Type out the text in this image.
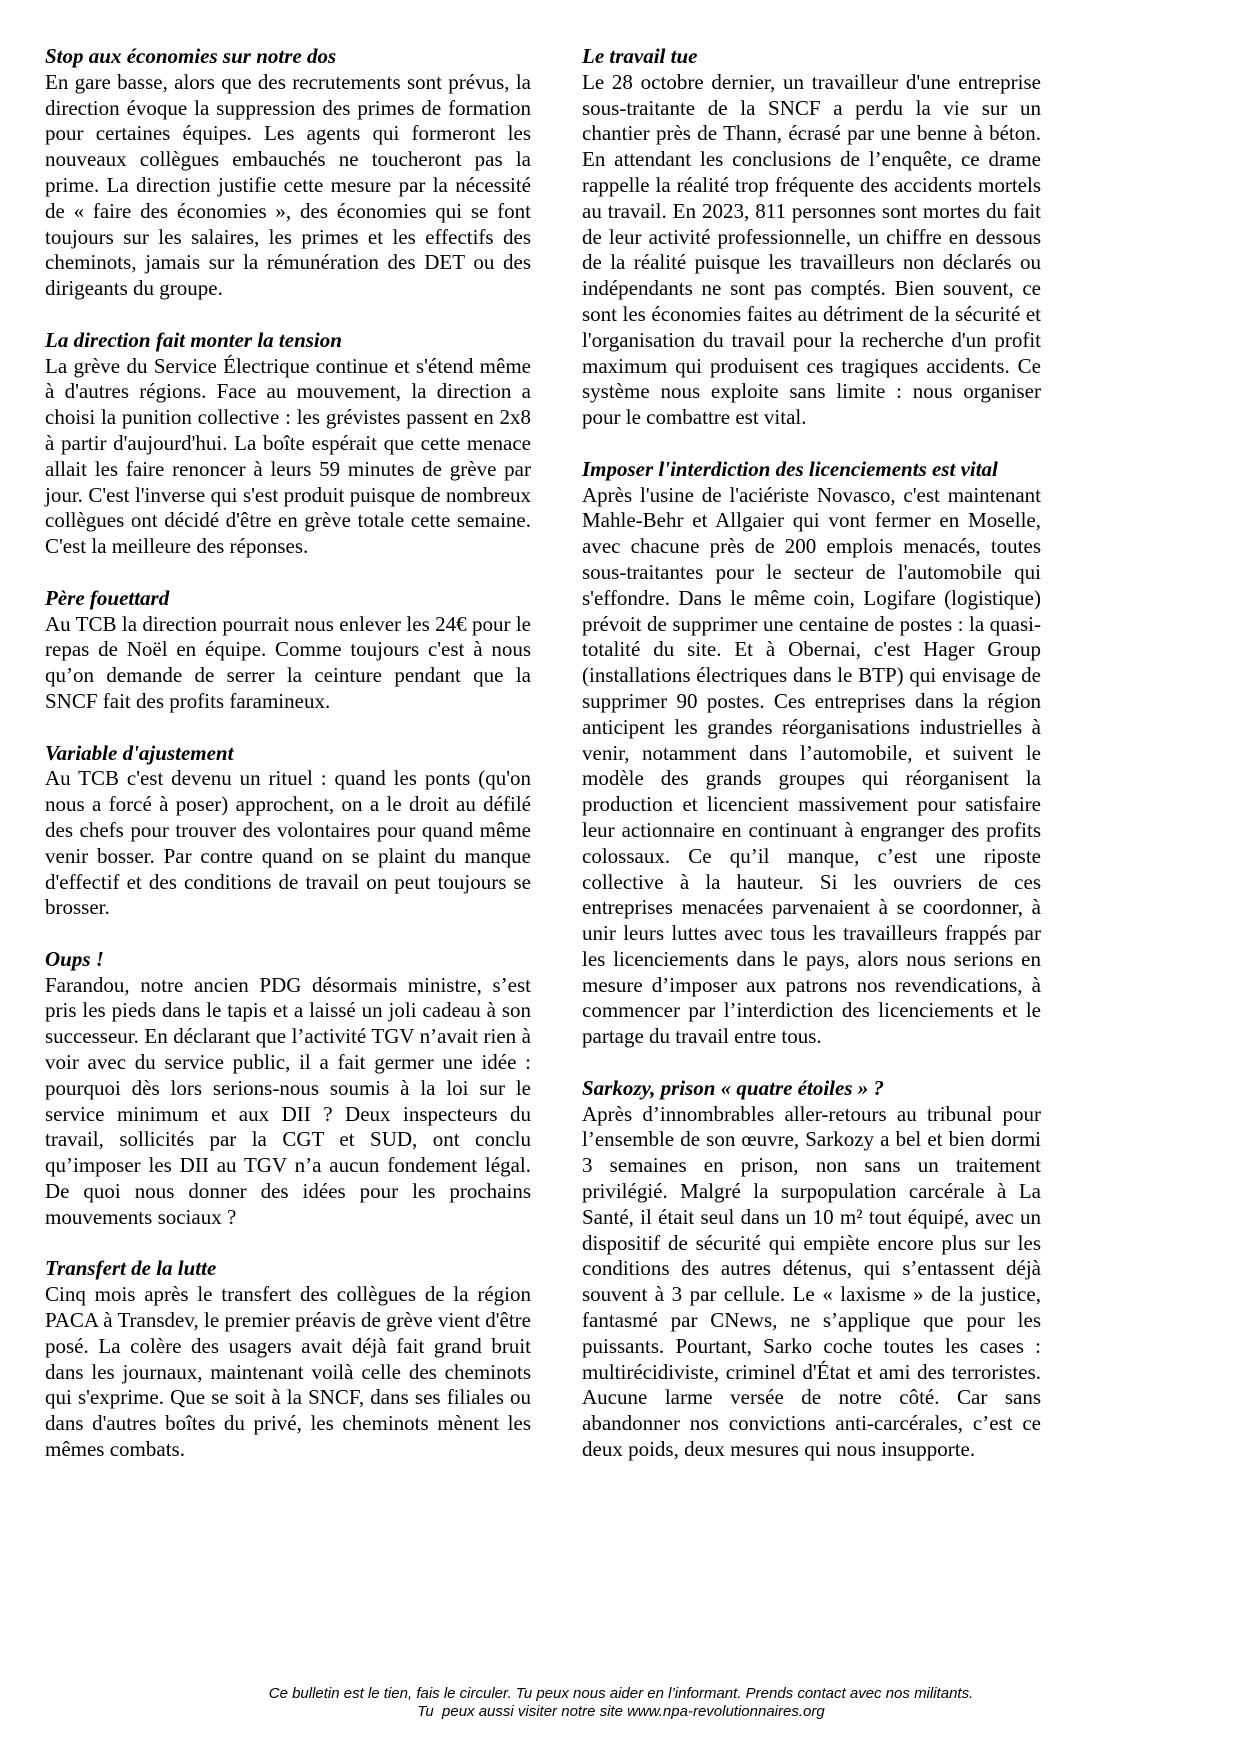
Stop aux économies sur notre dos

En gare basse, alors que des recrutements sont prévus, la direction évoque la suppression des primes de formation pour certaines équipes. Les agents qui formeront les nouveaux collègues embauchés ne toucheront pas la prime. La direction justifie cette mesure par la nécessité de « faire des économies », des économies qui se font toujours sur les salaires, les primes et les effectifs des cheminots, jamais sur la rémunération des DET ou des dirigeants du groupe.

La direction fait monter la tension

La grève du Service Électrique continue et s'étend même à d'autres régions. Face au mouvement, la direction a choisi la punition collective : les grévistes passent en 2x8 à partir d'aujourd'hui. La boîte espérait que cette menace allait les faire renoncer à leurs 59 minutes de grève par jour. C'est l'inverse qui s'est produit puisque de nombreux collègues ont décidé d'être en grève totale cette semaine. C'est la meilleure des réponses.

Père fouettard

Au TCB la direction pourrait nous enlever les 24€ pour le repas de Noël en équipe. Comme toujours c'est à nous qu’on demande de serrer la ceinture pendant que la SNCF fait des profits faramineux.

Variable d'ajustement

Au TCB c'est devenu un rituel : quand les ponts (qu'on nous a forcé à poser) approchent, on a le droit au défilé des chefs pour trouver des volontaires pour quand même venir bosser. Par contre quand on se plaint du manque d'effectif et des conditions de travail on peut toujours se brosser.

Oups !

Farandou, notre ancien PDG désormais ministre, s’est pris les pieds dans le tapis et a laissé un joli cadeau à son successeur. En déclarant que l’activité TGV n’avait rien à voir avec du service public, il a fait germer une idée : pourquoi dès lors serions-nous soumis à la loi sur le service minimum et aux DII ? Deux inspecteurs du travail, sollicités par la CGT et SUD, ont conclu qu’imposer les DII au TGV n’a aucun fondement légal. De quoi nous donner des idées pour les prochains mouvements sociaux ?

Transfert de la lutte

Cinq mois après le transfert des collègues de la région PACA à Transdev, le premier préavis de grève vient d'être posé. La colère des usagers avait déjà fait grand bruit dans les journaux, maintenant voilà celle des cheminots qui s'exprime. Que se soit à la SNCF, dans ses filiales ou dans d'autres boîtes du privé, les cheminots mènent les mêmes combats.

Le travail tue

Le 28 octobre dernier, un travailleur d'une entreprise sous-traitante de la SNCF a perdu la vie sur un chantier près de Thann, écrasé par une benne à béton. En attendant les conclusions de l’enquête, ce drame rappelle la réalité trop fréquente des accidents mortels au travail. En 2023, 811 personnes sont mortes du fait de leur activité professionnelle, un chiffre en dessous de la réalité puisque les travailleurs non déclarés ou indépendants ne sont pas comptés. Bien souvent, ce sont les économies faites au détriment de la sécurité et l'organisation du travail pour la recherche d'un profit maximum qui produisent ces tragiques accidents. Ce système nous exploite sans limite : nous organiser pour le combattre est vital.

Imposer l'interdiction des licenciements est vital

Après l'usine de l'aciériste Novasco, c'est maintenant Mahle-Behr et Allgaier qui vont fermer en Moselle, avec chacune près de 200 emplois menacés, toutes sous-traitantes pour le secteur de l'automobile qui s'effondre. Dans le même coin, Logifare (logistique) prévoit de supprimer une centaine de postes : la quasi-totalité du site. Et à Obernai, c'est Hager Group (installations électriques dans le BTP) qui envisage de supprimer 90 postes. Ces entreprises dans la région anticipent les grandes réorganisations industrielles à venir, notamment dans l’automobile, et suivent le modèle des grands groupes qui réorganisent la production et licencient massivement pour satisfaire leur actionnaire en continuant à engranger des profits colossaux. Ce qu’il manque, c’est une riposte collective à la hauteur. Si les ouvriers de ces entreprises menacées parvenaient à se coordonner, à unir leurs luttes avec tous les travailleurs frappés par les licenciements dans le pays, alors nous serions en mesure d’imposer aux patrons nos revendications, à commencer par l’interdiction des licenciements et le partage du travail entre tous.

Sarkozy, prison « quatre étoiles » ?

Après d’innombrables aller-retours au tribunal pour l’ensemble de son œuvre, Sarkozy a bel et bien dormi 3 semaines en prison, non sans un traitement privilégié. Malgré la surpopulation carcérale à La Santé, il était seul dans un 10 m² tout équipé, avec un dispositif de sécurité qui empiète encore plus sur les conditions des autres détenus, qui s’entassent déjà souvent à 3 par cellule. Le « laxisme » de la justice, fantasmé par CNews, ne s’applique que pour les puissants. Pourtant, Sarko coche toutes les cases : multirécidiviste, criminel d'État et ami des terroristes. Aucune larme versée de notre côté. Car sans abandonner nos convictions anti-carcérales, c’est ce deux poids, deux mesures qui nous insupporte.

Ce bulletin est le tien, fais le circuler. Tu peux nous aider en l’informant. Prends contact avec nos militants.
Tu  peux aussi visiter notre site www.npa-revolutionnaires.org
